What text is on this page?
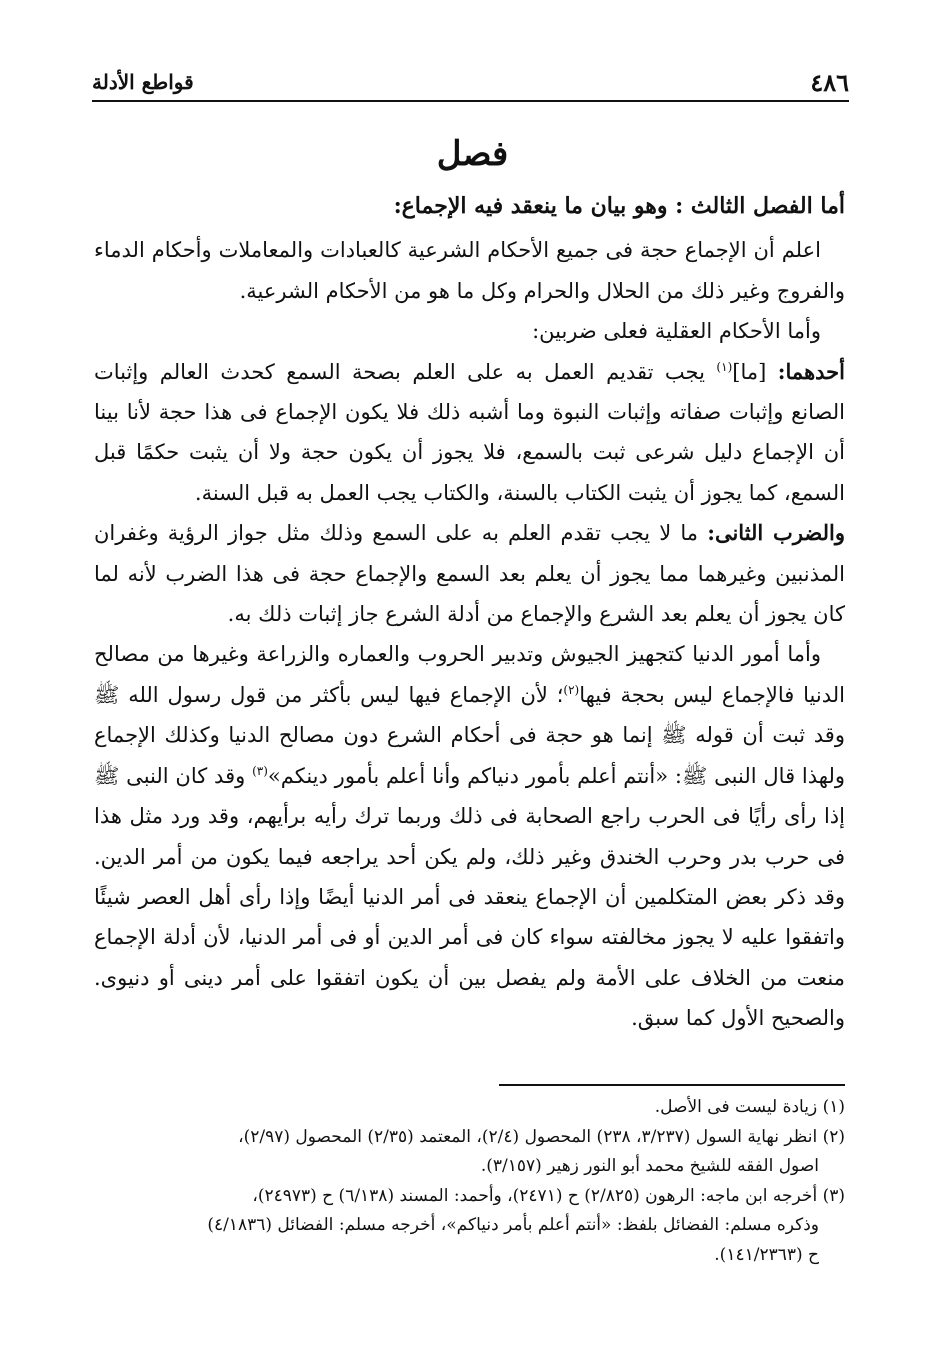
٤٨٦
قواطع الأدلة
فصل

أما الفصل الثالث : وهو بيان ما ينعقد فيه الإجماع:

اعلم أن الإجماع حجة فى جميع الأحكام الشرعية كالعبادات والمعاملات وأحكام الدماء والفروج وغير ذلك من الحلال والحرام وكل ما هو من الأحكام الشرعية.

وأما الأحكام العقلية فعلى ضربين:

أحدهما: [ما]$^{(١)}$ يجب تقديم العمل به على العلم بصحة السمع كحدث العالم وإثبات الصانع وإثبات صفاته وإثبات النبوة وما أشبه ذلك فلا يكون الإجماع فى هذا حجة لأنا بينا أن الإجماع دليل شرعى ثبت بالسمع، فلا يجوز أن يكون حجة ولا أن يثبت حكمًا قبل السمع، كما يجوز أن يثبت الكتاب بالسنة، والكتاب يجب العمل به قبل السنة.

والضرب الثانى: ما لا يجب تقدم العلم به على السمع وذلك مثل جواز الرؤية وغفران المذنبين وغيرهما مما يجوز أن يعلم بعد السمع والإجماع حجة فى هذا الضرب لأنه لما كان يجوز أن يعلم بعد الشرع والإجماع من أدلة الشرع جاز إثبات ذلك به.

وأما أمور الدنيا كتجهيز الجيوش وتدبير الحروب والعماره والزراعة وغيرها من مصالح الدنيا فالإجماع ليس بحجة فيها$^{(٢)}$؛ لأن الإجماع فيها ليس بأكثر من قول رسول الله ﷺ وقد ثبت أن قوله ﷺ إنما هو حجة فى أحكام الشرع دون مصالح الدنيا وكذلك الإجماع ولهذا قال النبى ﷺ: «أنتم أعلم بأمور دنياكم وأنا أعلم بأمور دينكم»$^{(٣)}$ وقد كان النبى ﷺ إذا رأى رأيًا فى الحرب راجع الصحابة فى ذلك وربما ترك رأيه برأيهم، وقد ورد مثل هذا فى حرب بدر وحرب الخندق وغير ذلك، ولم يكن أحد يراجعه فيما يكون من أمر الدين. وقد ذكر بعض المتكلمين أن الإجماع ينعقد فى أمر الدنيا أيضًا وإذا رأى أهل العصر شيئًا واتفقوا عليه لا يجوز مخالفته سواء كان فى أمر الدين أو فى أمر الدنيا، لأن أدلة الإجماع منعت من الخلاف على الأمة ولم يفصل بين أن يكون اتفقوا على أمر دينى أو دنيوى. والصحيح الأول كما سبق.

(١) زيادة ليست فى الأصل.

(٢) انظر نهاية السول (٣/٢٣٧، ٢٣٨) المحصول (٢/٤)، المعتمد (٢/٣٥) المحصول (٢/٩٧)،

اصول الفقه للشيخ محمد أبو النور زهير (٣/١٥٧).

(٣) أخرجه ابن ماجه: الرهون (٢/٨٢٥) ح (٢٤٧١)، وأحمد: المسند (٦/١٣٨) ح (٢٤٩٧٣)،

وذكره مسلم: الفضائل بلفظ: «أنتم أعلم بأمر دنياكم»، أخرجه مسلم: الفضائل (٤/١٨٣٦)

ح (١٤١/٢٣٦٣).
